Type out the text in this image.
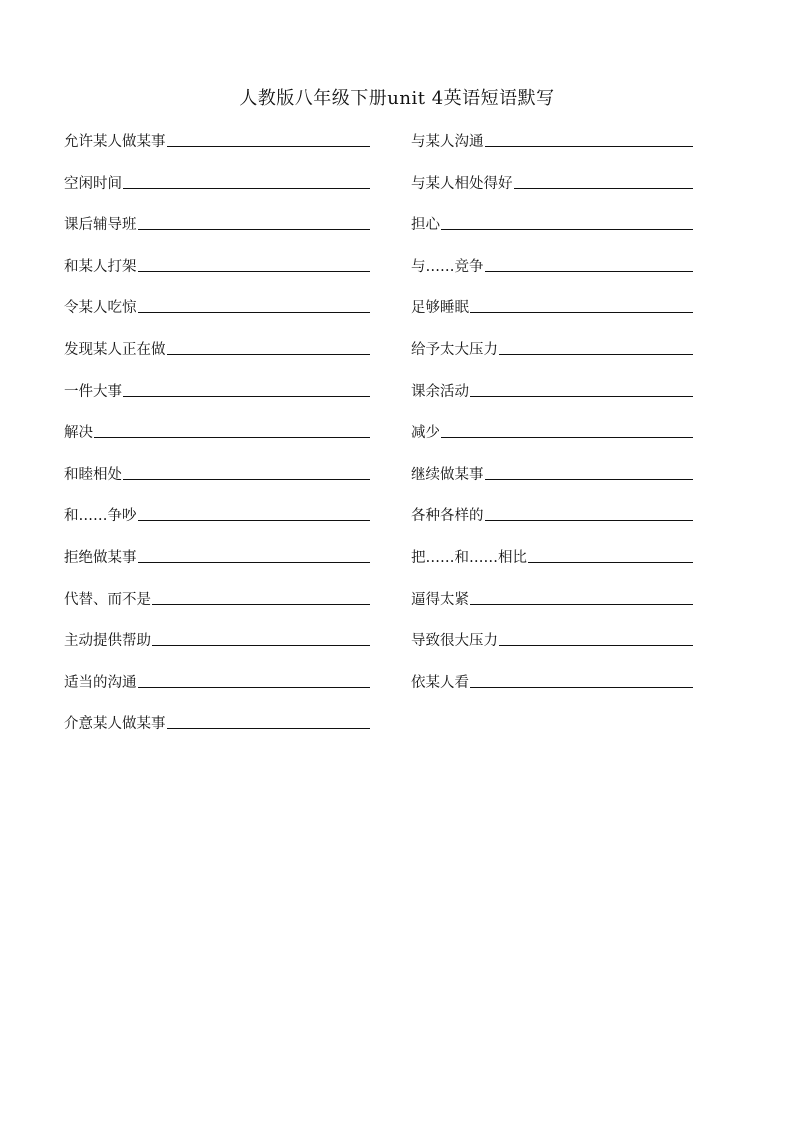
人教版八年级下册unit 4英语短语默写
允许某人做某事
空闲时间
课后辅导班
和某人打架
令某人吃惊
发现某人正在做
一件大事
解决
和睦相处
和……争吵
拒绝做某事
代替、而不是
主动提供帮助
适当的沟通
介意某人做某事
与某人沟通
与某人相处得好
担心
与……竞争
足够睡眠
给予太大压力
课余活动
减少
继续做某事
各种各样的
把……和……相比
逼得太紧
导致很大压力
依某人看
